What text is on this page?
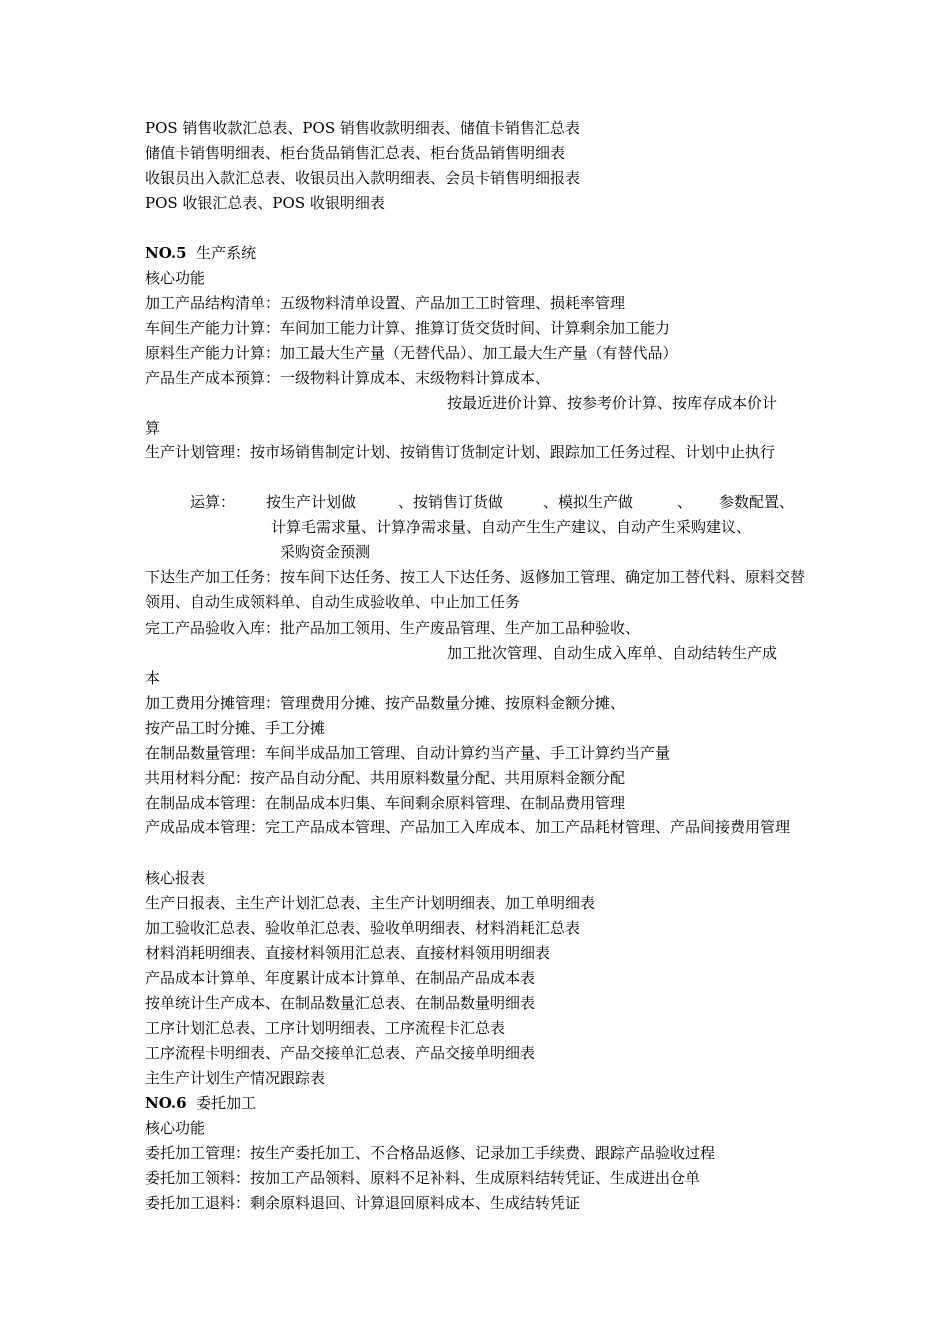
POS 销售收款汇总表、POS 销售收款明细表、储值卡销售汇总表
储值卡销售明细表、柜台货品销售汇总表、柜台货品销售明细表
收银员出入款汇总表、收银员出入款明细表、会员卡销售明细报表
POS 收银汇总表、POS 收银明细表
NO.5 生产系统
核心功能
加工产品结构清单：五级物料清单设置、产品加工工时管理、损耗率管理
车间生产能力计算：车间加工能力计算、推算订货交货时间、计算剩余加工能力
原料生产能力计算：加工最大生产量（无替代品）、加工最大生产量（有替代品）
产品生产成本预算：一级物料计算成本、末级物料计算成本、
按最近进价计算、按参考价计算、按库存成本价计
算
生产计划管理：按市场销售制定计划、按销售订货制定计划、跟踪加工任务过程、计划中止执行
运算： 按生产计划做	、按销售订货做	、模拟生产做	、 参数配置、
计算毛需求量、计算净需求量、自动产生生产建议、自动产生采购建议、
采购资金预测
下达生产加工任务：按车间下达任务、按工人下达任务、返修加工管理、确定加工替代料、原料交替领用、自动生成领料单、自动生成验收单、中止加工任务
完工产品验收入库：批产品加工领用、生产废品管理、生产加工品种验收、
加工批次管理、自动生成入库单、自动结转生产成
本
加工费用分摊管理：管理费用分摊、按产品数量分摊、按原料金额分摊、
按产品工时分摊、手工分摊
在制品数量管理：车间半成品加工管理、自动计算约当产量、手工计算约当产量
共用材料分配：按产品自动分配、共用原料数量分配、共用原料金额分配
在制品成本管理：在制品成本归集、车间剩余原料管理、在制品费用管理
产成品成本管理：完工产品成本管理、产品加工入库成本、加工产品耗材管理、产品间接费用管理
核心报表
生产日报表、主生产计划汇总表、主生产计划明细表、加工单明细表
加工验收汇总表、验收单汇总表、验收单明细表、材料消耗汇总表
材料消耗明细表、直接材料领用汇总表、直接材料领用明细表
产品成本计算单、年度累计成本计算单、在制品产品成本表
按单统计生产成本、在制品数量汇总表、在制品数量明细表
工序计划汇总表、工序计划明细表、工序流程卡汇总表
工序流程卡明细表、产品交接单汇总表、产品交接单明细表
主生产计划生产情况跟踪表
NO.6 委托加工
核心功能
委托加工管理：按生产委托加工、不合格品返修、记录加工手续费、跟踪产品验收过程
委托加工领料：按加工产品领料、原料不足补料、生成原料结转凭证、生成进出仓单
委托加工退料：剩余原料退回、计算退回原料成本、生成结转凭证
